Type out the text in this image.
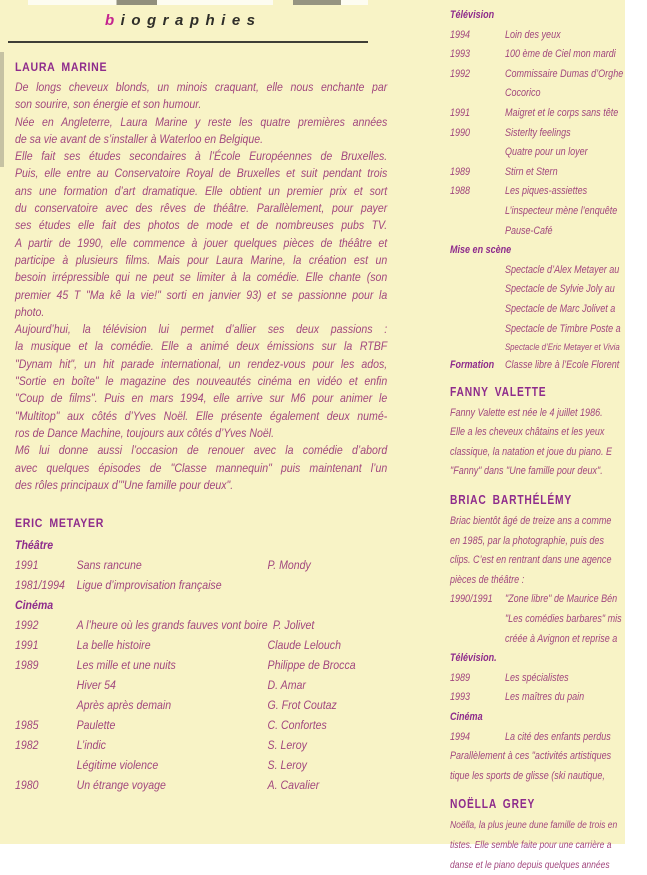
biographies
LAURA MARINE
De longs cheveux blonds, un minois craquant, elle nous enchante par
son sourire, son énergie et son humour.
Née en Angleterre, Laura Marine y reste les quatre premières années
de sa vie avant de s’installer à Waterloo en Belgique.
Elle fait ses études secondaires à l’École Européennes de Bruxelles.
Puis, elle entre au Conservatoire Royal de Bruxelles et suit pendant trois
ans une formation d’art dramatique. Elle obtient un premier prix et sort
du conservatoire avec des rêves de théâtre. Parallèlement, pour payer
ses études elle fait des photos de mode et de nombreuses pubs TV.
A partir de 1990, elle commence à jouer quelques pièces de théâtre et
participe à plusieurs films. Mais pour Laura Marine, la création est un
besoin irrépressible qui ne peut se limiter à la comédie. Elle chante (son
premier 45 T "Ma kê la vie!" sorti en janvier 93) et se passionne pour la
photo.
Aujourd’hui, la télévision lui permet d’allier ses deux passions :
la musique et la comédie. Elle a animé deux émissions sur la RTBF
"Dynam hit", un hit parade international, un rendez-vous pour les ados,
"Sortie en boîte" le magazine des nouveautés cinéma en vidéo et enfin
"Coup de films". Puis en mars 1994, elle arrive sur M6 pour animer le
"Multitop" aux côtés d’Yves Noël. Elle présente également deux numé-
ros de Dance Machine, toujours aux côtés d’Yves Noël.
M6 lui donne aussi l’occasion de renouer avec la comédie d’abord
avec quelques épisodes de "Classe mannequin" puis maintenant l’un
des rôles principaux d’"Une famille pour deux".
ERIC METAYER
Théâtre
1991	Sans rancune	P. Mondy
1981/1994 Ligue d’improvisation française
Cinéma
1992	A l’heure où les grands fauves vont boire P. Jolivet
1991	La belle histoire	Claude Lelouch
1989	Les mille et une nuits	Philippe de Brocca
Hiver 54	D. Amar
Après après demain	G. Frot Coutaz
1985	Paulette	C. Confortes
1982	L’indic	S. Leroy
Légitime violence	S. Leroy
1980	Un étrange voyage	A. Cavalier
Télévision
1994	Loin des yeux
1993	100 ème de Ciel mon mardi
1992	Commissaire Dumas d’Orghe
Cocorico
1991	Maigret et le corps sans tête
1990	Sisterlty feelings
Quatre pour un loyer
1989	Stirn et Stern
1988	Les piques-assiettes
L’inspecteur mène l’enquête
Pause-Café
Mise en scène
Spectacle d’Alex Metayer au
Spectacle de Sylvie Joly au
Spectacle de Marc Jolivet a
Spectacle de Timbre Poste a
Spectacle d’Eric Metayer et Vivia
Formation Classe libre à l’Ecole Florent
FANNY VALETTE
Fanny Valette est née le 4 juillet 1986.
Elle a les cheveux châtains et les yeux
classique, la natation et joue du piano. E
"Fanny" dans "Une famille pour deux".
BRIAC BARTHÉLÉMY
Briac bientôt âgé de treize ans a comme
en 1985, par la photographie, puis des
clips. C’est en rentrant dans une agence
pièces de théâtre :
1990/1991 "Zone libre" de Maurice Bén
"Les comédies barbares" mis
créée à Avignon et reprise a
Télévision.
1989	Les spécialistes
1993	Les maîtres du pain
Cinéma
1994	La cité des enfants perdus
Parallèlement à ces "activités artistiques
tique les sports de glisse (ski nautique,
NOËLLA GREY
Noëlla, la plus jeune dune famille de trois en
tistes. Elle semble faite pour une carrière a
danse et le piano depuis quelques années
